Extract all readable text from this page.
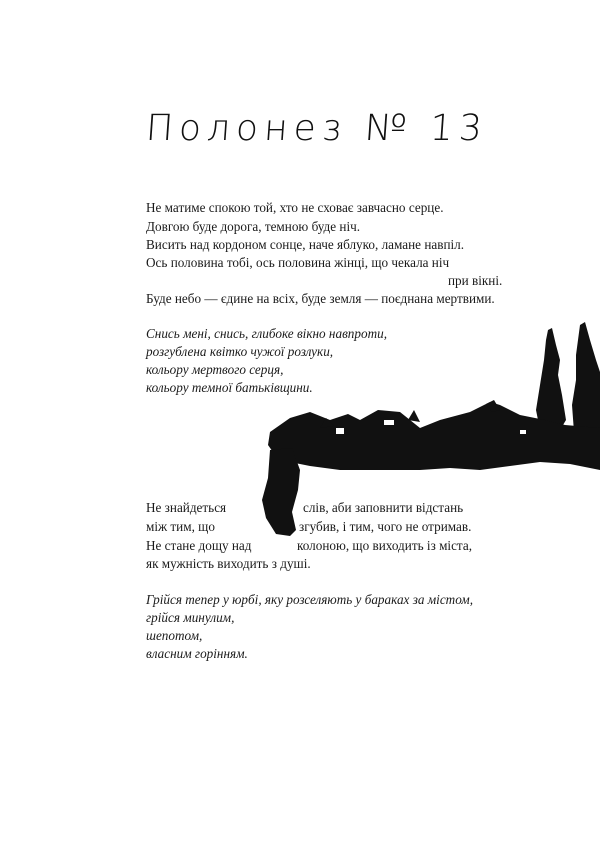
Полонез № 13
Не матиме спокою той, хто не сховає завчасно серце.
Довгою буде дорога, темною буде ніч.
Висить над кордоном сонце, наче яблуко, ламане навпіл.
Ось половина тобі, ось половина жінці, що чекала ніч
при вікні.
Буде небо — єдине на всіх, буде земля — поєднана мертвими.
Снись мені, снись, глибоке вікно навпроти,
розгублена квітко чужої розлуки,
кольору мертвого серця,
кольору темної батьківщини.
Не знайдеться	слів, аби заповнити відстань
між тим, що	згубив, і тим, чого не отримав.
Не стане дощу над	колоною, що виходить із міста,
як мужність виходить з душі.
Грійся тепер у юрбі, яку розселяють у бараках за містом,
грійся минулим,
шепотом,
власним горінням.
